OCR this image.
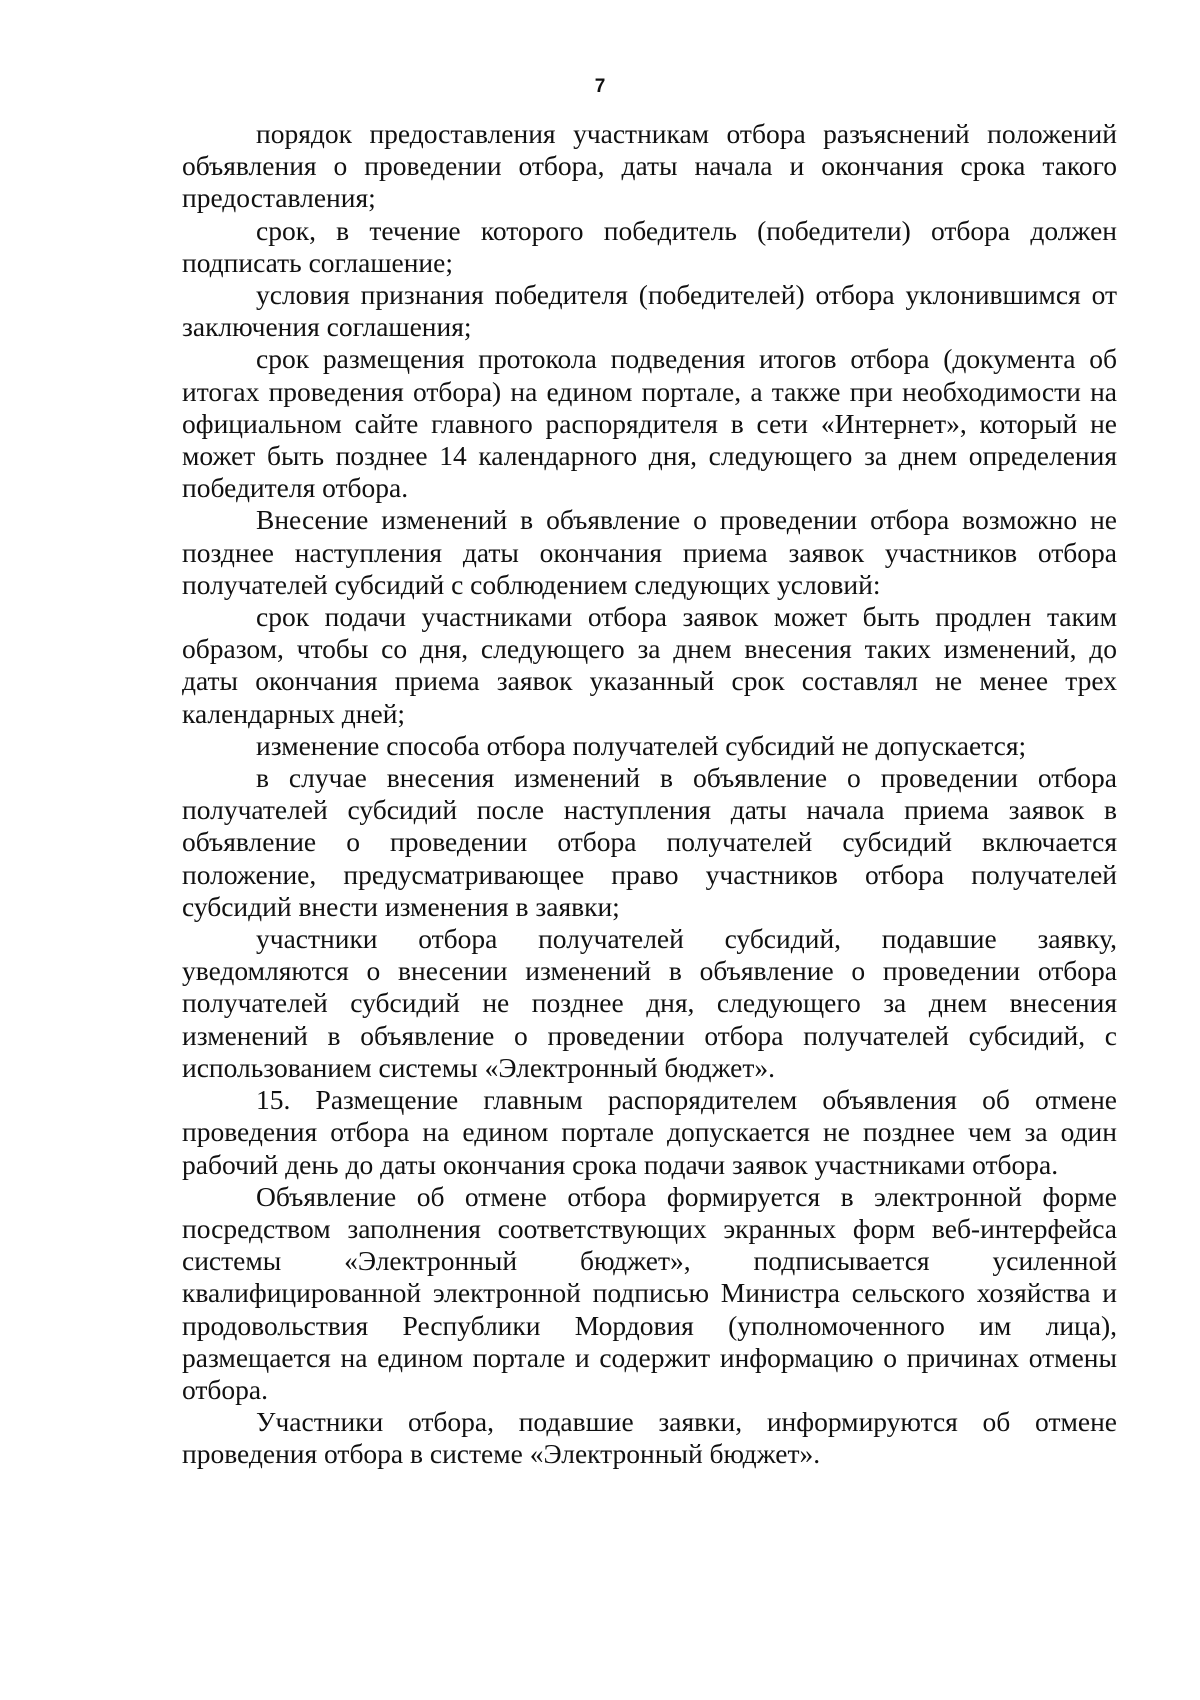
7

порядок предоставления участникам отбора разъяснений положений объявления о проведении отбора, даты начала и окончания срока такого предоставления;

срок, в течение которого победитель (победители) отбора должен подписать соглашение;

условия признания победителя (победителей) отбора уклонившимся от заключения соглашения;

срок размещения протокола подведения итогов отбора (документа об итогах проведения отбора) на едином портале, а также при необходимости на официальном сайте главного распорядителя в сети «Интернет», который не может быть позднее 14 календарного дня, следующего за днем определения победителя отбора.

Внесение изменений в объявление о проведении отбора возможно не позднее наступления даты окончания приема заявок участников отбора получателей субсидий с соблюдением следующих условий:

срок подачи участниками отбора заявок может быть продлен таким образом, чтобы со дня, следующего за днем внесения таких изменений, до даты окончания приема заявок указанный срок составлял не менее трех календарных дней;

изменение способа отбора получателей субсидий не допускается;

в случае внесения изменений в объявление о проведении отбора получателей субсидий после наступления даты начала приема заявок в объявление о проведении отбора получателей субсидий включается положение, предусматривающее право участников отбора получателей субсидий внести изменения в заявки;

участники отбора получателей субсидий, подавшие заявку, уведомляются о внесении изменений в объявление о проведении отбора получателей субсидий не позднее дня, следующего за днем внесения изменений в объявление о проведении отбора получателей субсидий, с использованием системы «Электронный бюджет».

15. Размещение главным распорядителем объявления об отмене проведения отбора на едином портале допускается не позднее чем за один рабочий день до даты окончания срока подачи заявок участниками отбора.

Объявление об отмене отбора формируется в электронной форме посредством заполнения соответствующих экранных форм веб-интерфейса системы «Электронный бюджет», подписывается усиленной квалифицированной электронной подписью Министра сельского хозяйства и продовольствия Республики Мордовия (уполномоченного им лица), размещается на едином портале и содержит информацию о причинах отмены отбора.

Участники отбора, подавшие заявки, информируются об отмене проведения отбора в системе «Электронный бюджет».
